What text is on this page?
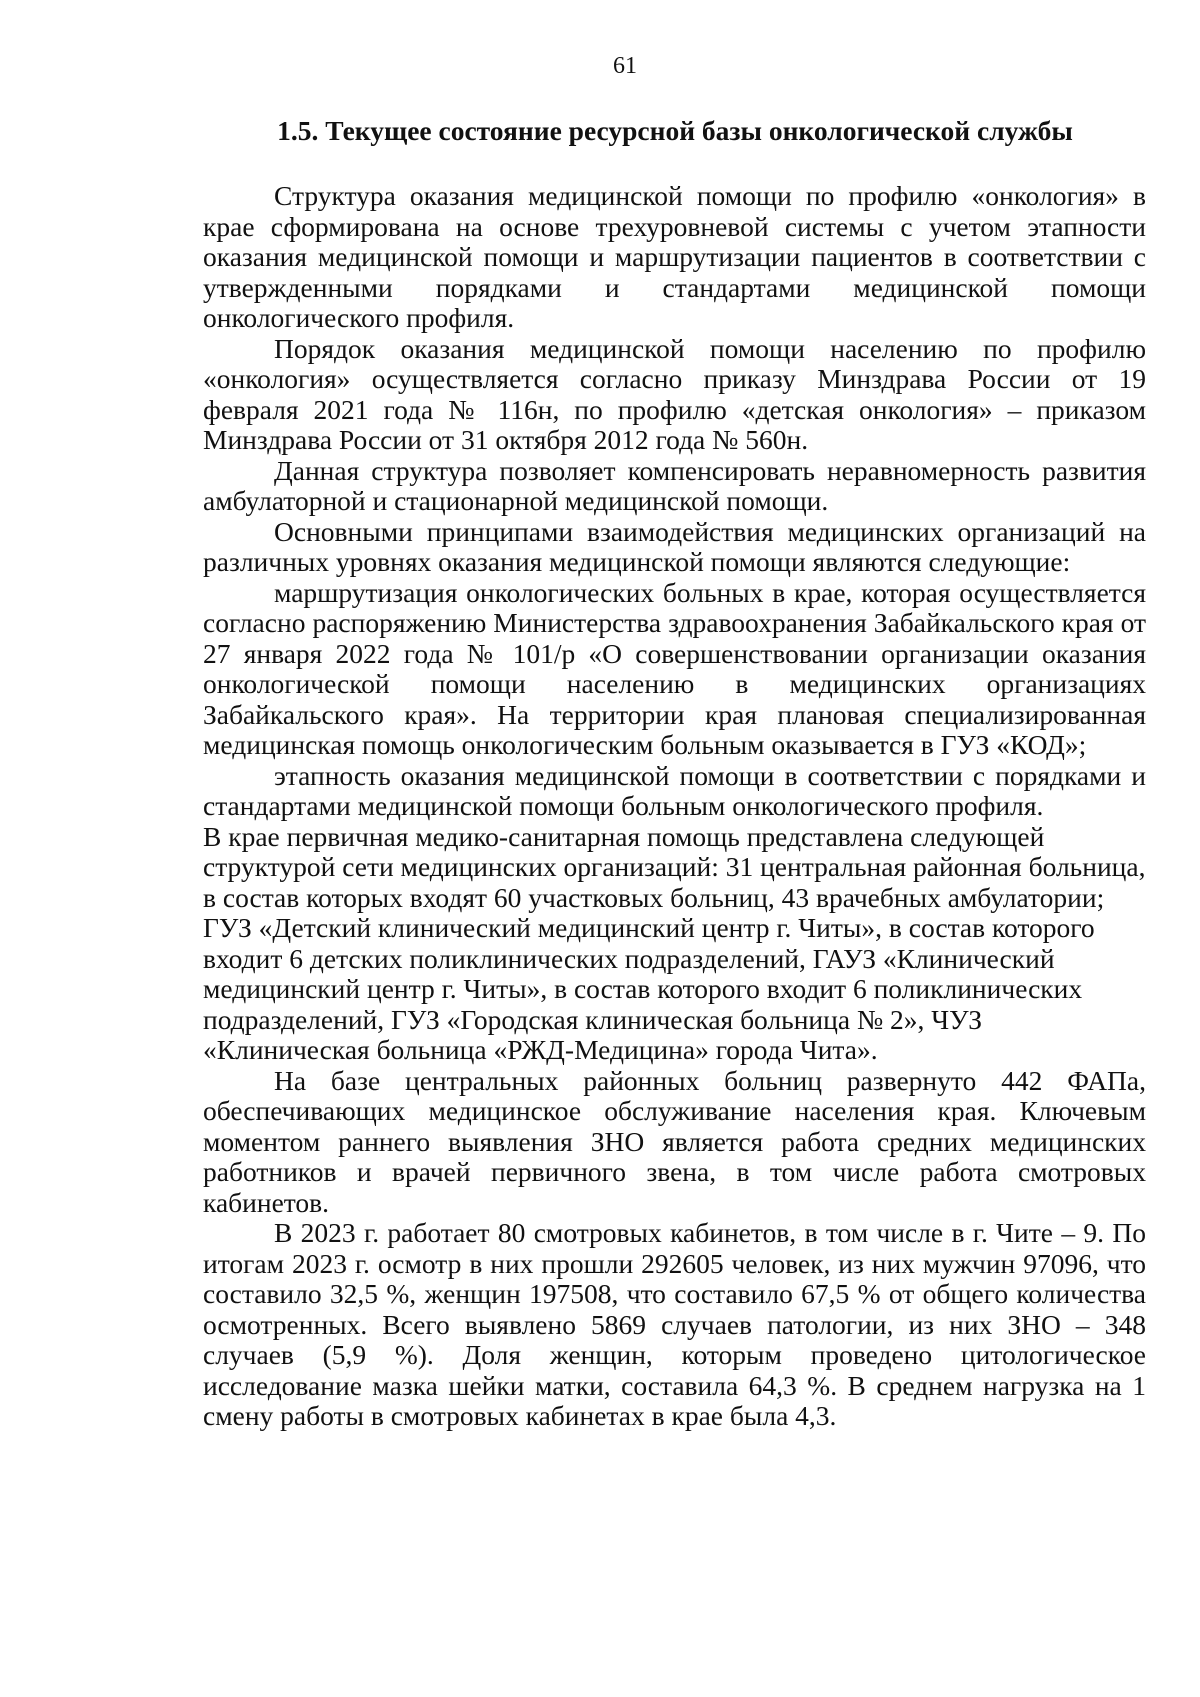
61
1.5. Текущее состояние ресурсной базы онкологической службы

Структура оказания медицинской помощи по профилю «онкология» в крае сформирована на основе трехуровневой системы с учетом этапности оказания медицинской помощи и маршрутизации пациентов в соответствии с утвержденными порядками и стандартами медицинской помощи онкологического профиля.

Порядок оказания медицинской помощи населению по профилю «онкология» осуществляется согласно приказу Минздрава России от 19 февраля 2021 года № 116н, по профилю «детская онкология» – приказом Минздрава России от 31 октября 2012 года № 560н.

Данная структура позволяет компенсировать неравномерность развития амбулаторной и стационарной медицинской помощи.

Основными принципами взаимодействия медицинских организаций на различных уровнях оказания медицинской помощи являются следующие:

маршрутизация онкологических больных в крае, которая осуществляется согласно распоряжению Министерства здравоохранения Забайкальского края от 27 января 2022 года № 101/р «О совершенствовании организации оказания онкологической помощи населению в медицинских организациях Забайкальского края». На территории края плановая специализированная медицинская помощь онкологическим больным оказывается в ГУЗ «КОД»;

этапность оказания медицинской помощи в соответствии с порядками и стандартами медицинской помощи больным онкологического профиля.

В крае первичная медико-санитарная помощь представлена следующей структурой сети медицинских организаций: 31 центральная районная больница, в состав которых входят 60 участковых больниц, 43 врачебных амбулатории; ГУЗ «Детский клинический медицинский центр г. Читы», в состав которого входит 6 детских поликлинических подразделений, ГАУЗ «Клинический медицинский центр г. Читы», в состав которого входит 6 поликлинических подразделений, ГУЗ «Городская клиническая больница № 2», ЧУЗ «Клиническая больница «РЖД-Медицина» города Чита».

На базе центральных районных больниц развернуто 442 ФАПа, обеспечивающих медицинское обслуживание населения края. Ключевым моментом раннего выявления ЗНО является работа средних медицинских работников и врачей первичного звена, в том числе работа смотровых кабинетов.

В 2023 г. работает 80 смотровых кабинетов, в том числе в г. Чите – 9. По итогам 2023 г. осмотр в них прошли 292605 человек, из них мужчин 97096, что составило 32,5 %, женщин 197508, что составило 67,5 % от общего количества осмотренных. Всего выявлено 5869 случаев патологии, из них ЗНО – 348 случаев (5,9 %). Доля женщин, которым проведено цитологическое исследование мазка шейки матки, составила 64,3 %. В среднем нагрузка на 1 смену работы в смотровых кабинетах в крае была 4,3.
